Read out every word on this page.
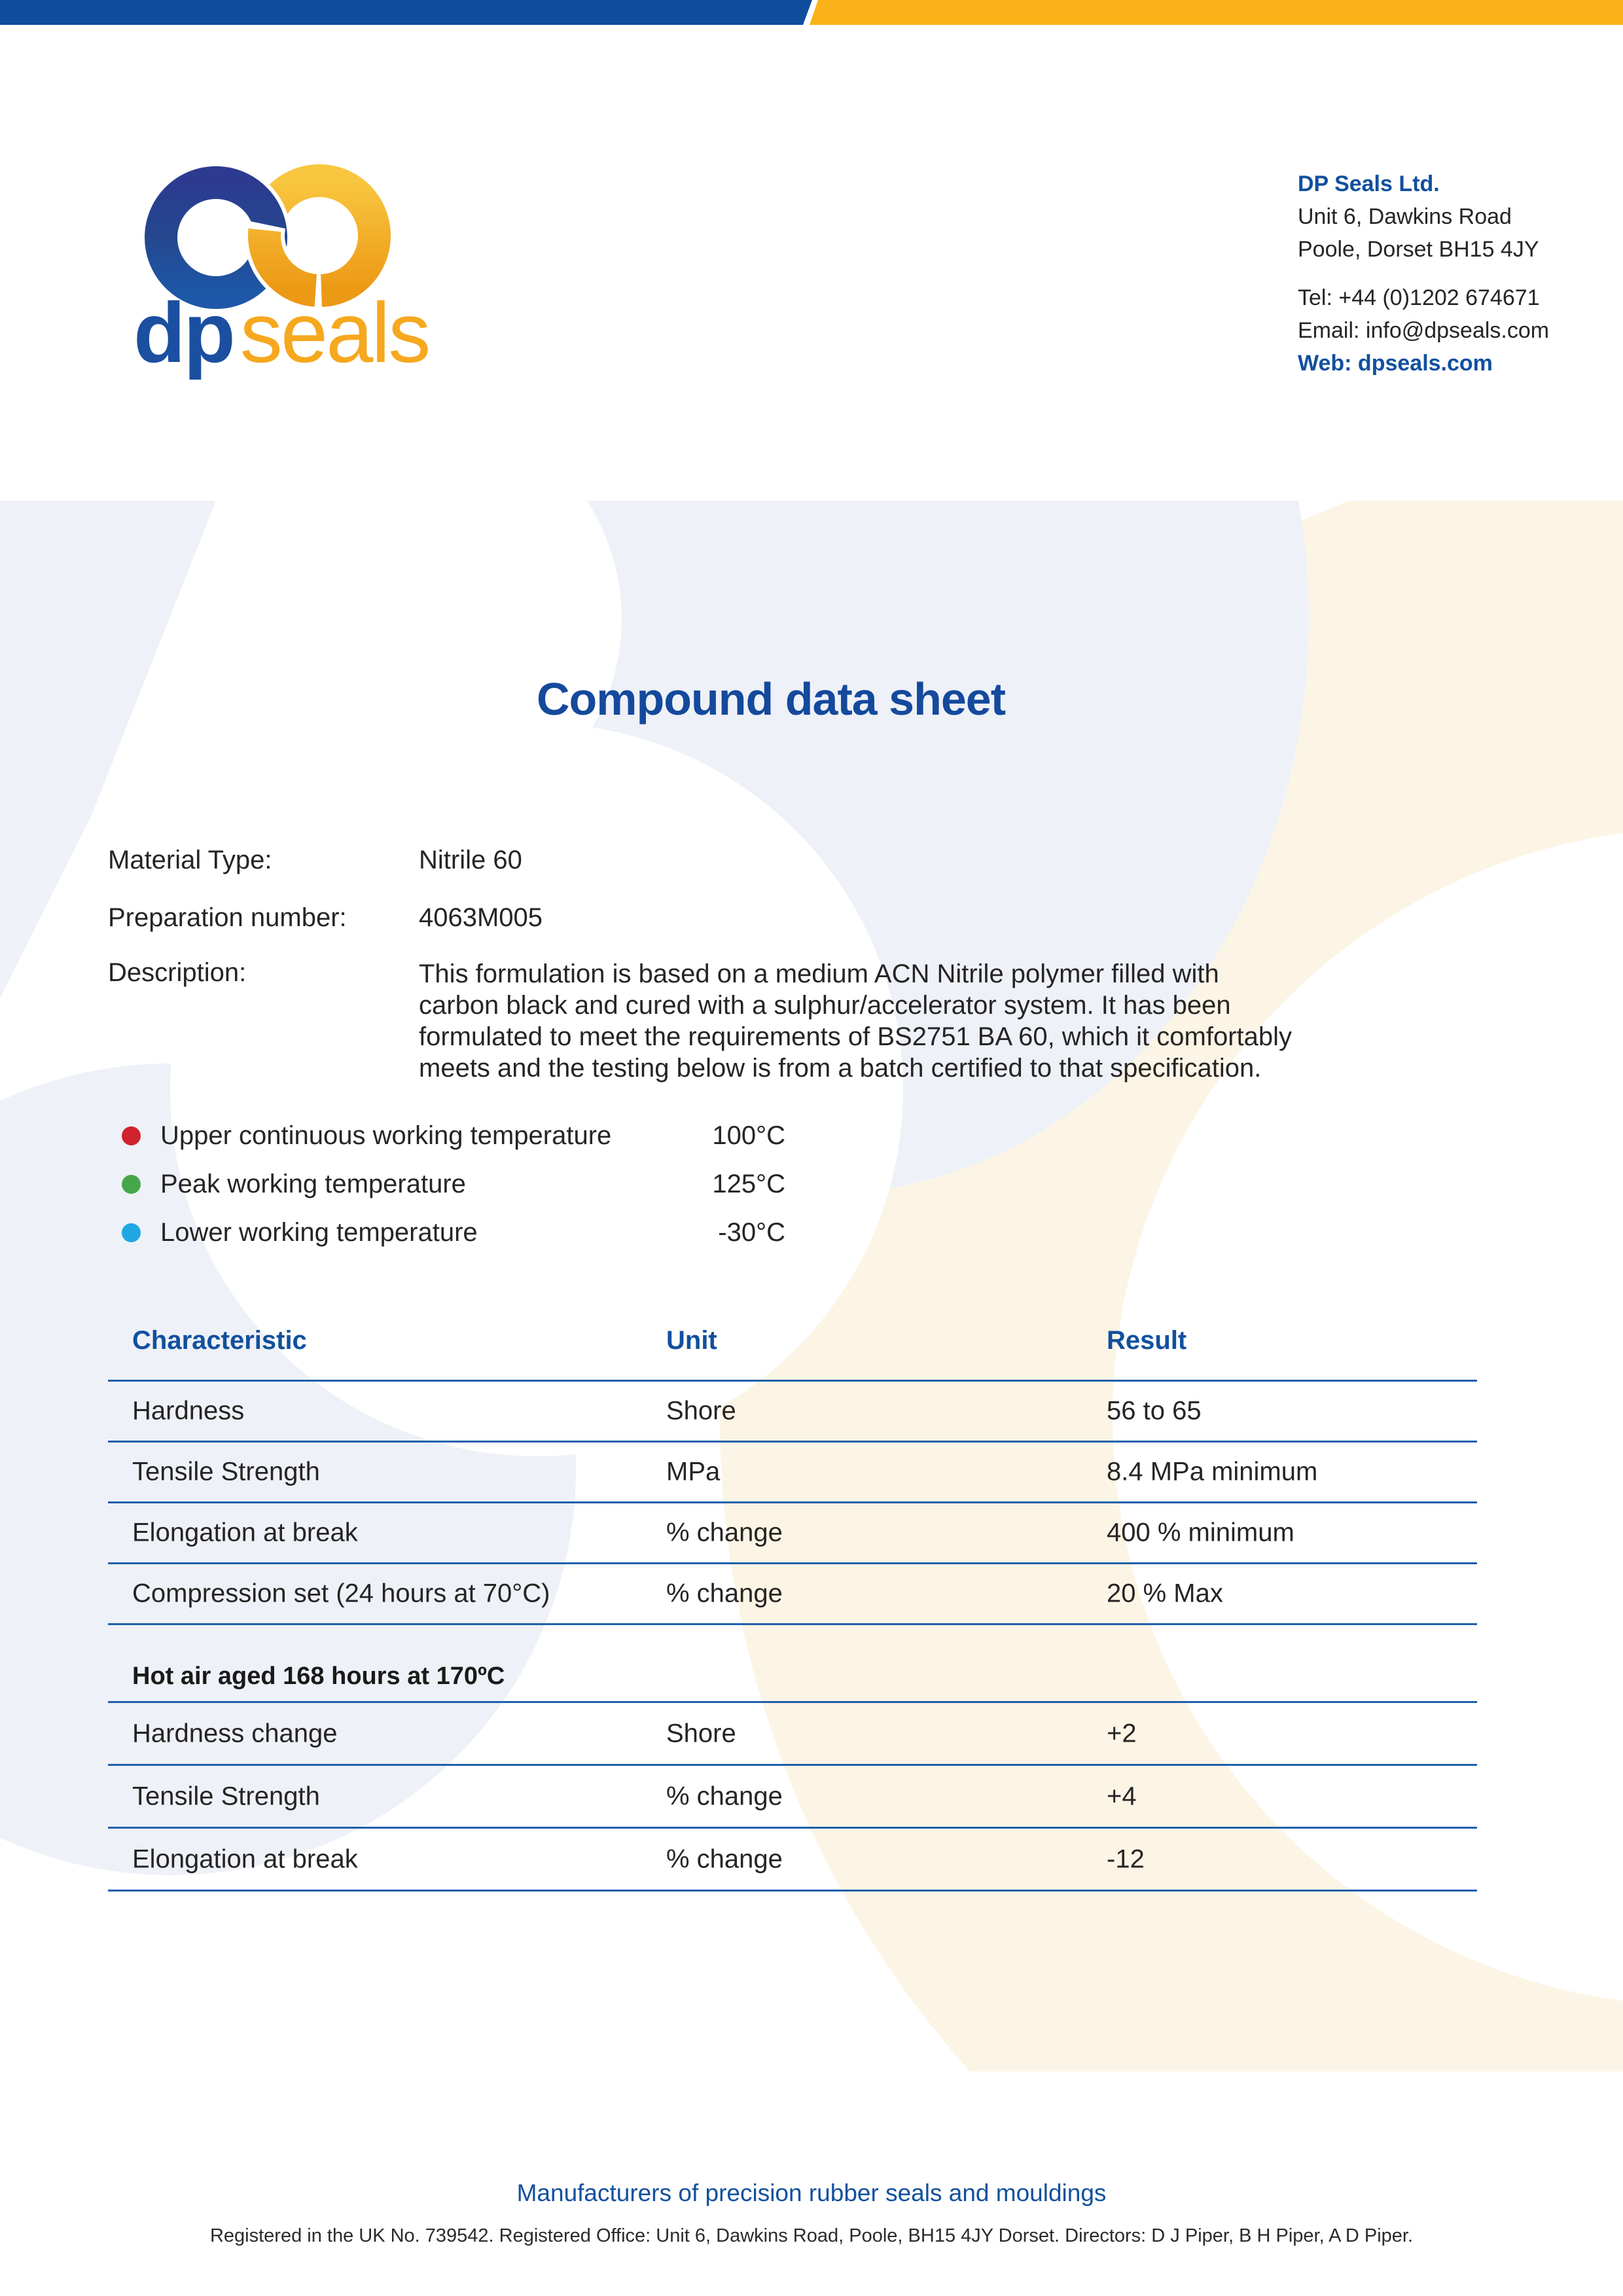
dpseals
DP Seals Ltd.
Unit 6, Dawkins Road
Poole, Dorset BH15 4JY
Tel: +44 (0)1202 674671
Email: info@dpseals.com
Web: dpseals.com
Compound data sheet
Material Type:	Nitrile 60
Preparation number:	4063M005
Description:	This formulation is based on a medium ACN Nitrile polymer filled with
carbon black and cured with a sulphur/accelerator system. It has been
formulated to meet the requirements of BS2751 BA 60, which it comfortably
meets and the testing below is from a batch certified to that specification.
Upper continuous working temperature	100°C
Peak working temperature	125°C
Lower working temperature	-30°C
Characteristic	Unit	Result
Hardness	Shore	56 to 65
Tensile Strength	MPa	8.4 MPa minimum
Elongation at break	% change	400 % minimum
Compression set (24 hours at 70°C)	% change	20 % Max
Hot air aged 168 hours at 170ºC
Hardness change	Shore	+2
Tensile Strength	% change	+4
Elongation at break	% change	-12
Manufacturers of precision rubber seals and mouldings
Registered in the UK No. 739542. Registered Office: Unit 6, Dawkins Road, Poole, BH15 4JY Dorset. Directors: D J Piper, B H Piper, A D Piper.
